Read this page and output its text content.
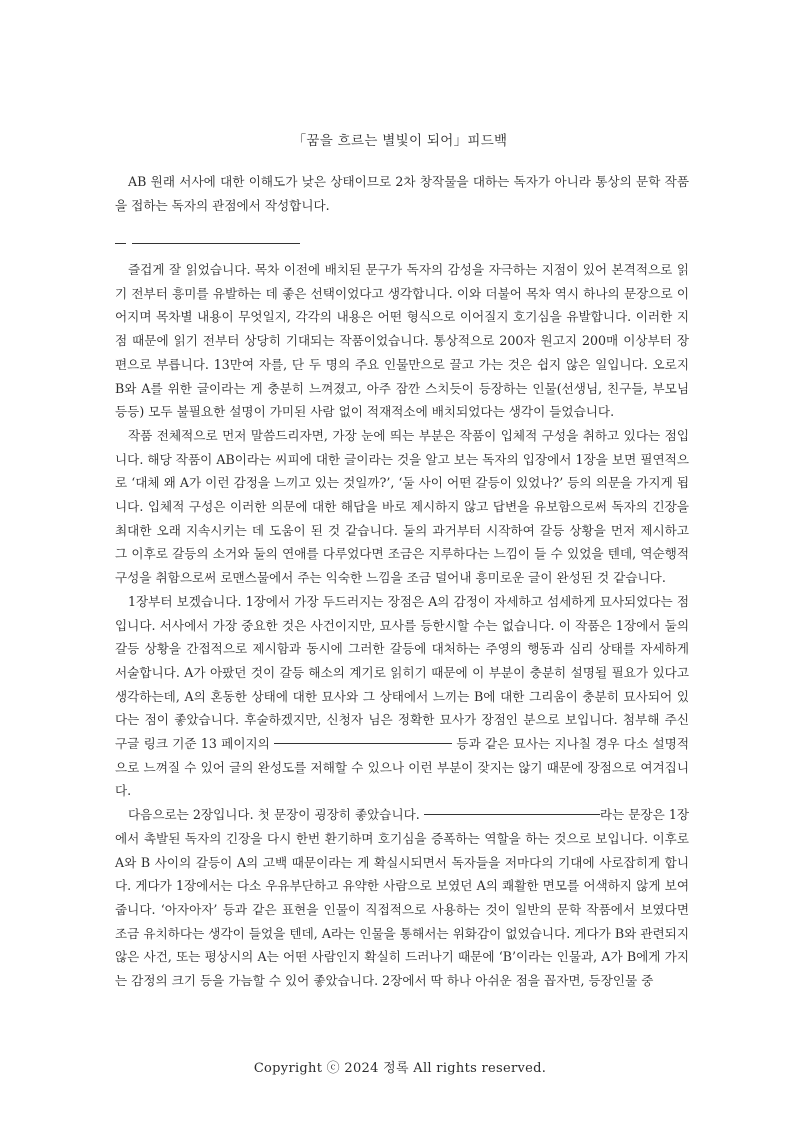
「꿈을 흐르는 별빛이 되어」피드백

AB 원래 서사에 대한 이해도가 낮은 상태이므로 2차 창작물을 대하는 독자가 아니라 통상의 문학 작품을 접하는 독자의 관점에서 작성합니다.

즐겁게 잘 읽었습니다. 목차 이전에 배치된 문구가 독자의 감성을 자극하는 지점이 있어 본격적으로 읽기 전부터 흥미를 유발하는 데 좋은 선택이었다고 생각합니다. 이와 더불어 목차 역시 하나의 문장으로 이어지며 목차별 내용이 무엇일지, 각각의 내용은 어떤 형식으로 이어질지 호기심을 유발합니다. 이러한 지점 때문에 읽기 전부터 상당히 기대되는 작품이었습니다. 통상적으로 200자 원고지 200매 이상부터 장편으로 부릅니다. 13만여 자를, 단 두 명의 주요 인물만으로 끌고 가는 것은 쉽지 않은 일입니다. 오로지 B와 A를 위한 글이라는 게 충분히 느껴졌고, 아주 잠깐 스치듯이 등장하는 인물(선생님, 친구들, 부모님 등등) 모두 불필요한 설명이 가미된 사람 없이 적재적소에 배치되었다는 생각이 들었습니다.

작품 전체적으로 먼저 말씀드리자면, 가장 눈에 띄는 부분은 작품이 입체적 구성을 취하고 있다는 점입니다. 해당 작품이 AB이라는 씨피에 대한 글이라는 것을 알고 보는 독자의 입장에서 1장을 보면 필연적으로 ‘대체 왜 A가 이런 감정을 느끼고 있는 것일까?’, ‘둘 사이 어떤 갈등이 있었나?’ 등의 의문을 가지게 됩니다. 입체적 구성은 이러한 의문에 대한 해답을 바로 제시하지 않고 답변을 유보함으로써 독자의 긴장을 최대한 오래 지속시키는 데 도움이 된 것 같습니다. 둘의 과거부터 시작하여 갈등 상황을 먼저 제시하고 그 이후로 갈등의 소거와 둘의 연애를 다루었다면 조금은 지루하다는 느낌이 들 수 있었을 텐데, 역순행적 구성을 취함으로써 로맨스물에서 주는 익숙한 느낌을 조금 덜어내 흥미로운 글이 완성된 것 같습니다.

1장부터 보겠습니다. 1장에서 가장 두드러지는 장점은 A의 감정이 자세하고 섬세하게 묘사되었다는 점입니다. 서사에서 가장 중요한 것은 사건이지만, 묘사를 등한시할 수는 없습니다. 이 작품은 1장에서 둘의 갈등 상황을 간접적으로 제시함과 동시에 그러한 갈등에 대처하는 주영의 행동과 심리 상태를 자세하게 서술합니다. A가 아팠던 것이 갈등 해소의 계기로 읽히기 때문에 이 부분이 충분히 설명될 필요가 있다고 생각하는데, A의 혼동한 상태에 대한 묘사와 그 상태에서 느끼는 B에 대한 그리움이 충분히 묘사되어 있다는 점이 좋았습니다. 후술하겠지만, 신청자 님은 정확한 묘사가 장점인 분으로 보입니다. 첨부해 주신 구글 링크 기준 13 페이지의	등과 같은 묘사는 지나칠 경우 다소 설명적으로 느껴질 수 있어 글의 완성도를 저해할 수 있으나 이런 부분이 잦지는 않기 때문에 장점으로 여겨집니다.

다음으로는 2장입니다. 첫 문장이 굉장히 좋았습니다.	라는 문장은 1장에서 촉발된 독자의 긴장을 다시 한번 환기하며 호기심을 증폭하는 역할을 하는 것으로 보입니다. 이후로 A와 B 사이의 갈등이 A의 고백 때문이라는 게 확실시되면서 독자들을 저마다의 기대에 사로잡히게 합니다. 게다가 1장에서는 다소 우유부단하고 유약한 사람으로 보였던 A의 쾌활한 면모를 어색하지 않게 보여줍니다. ‘아자아자’ 등과 같은 표현을 인물이 직접적으로 사용하는 것이 일반의 문학 작품에서 보였다면 조금 유치하다는 생각이 들었을 텐데, A라는 인물을 통해서는 위화감이 없었습니다. 게다가 B와 관련되지 않은 사건, 또는 평상시의 A는 어떤 사람인지 확실히 드러나기 때문에 ‘B’이라는 인물과, A가 B에게 가지는 감정의 크기 등을 가늠할 수 있어 좋았습니다. 2장에서 딱 하나 아쉬운 점을 꼽자면, 등장인물 중

Copyright ⓒ 2024 정록 All rights reserved.
